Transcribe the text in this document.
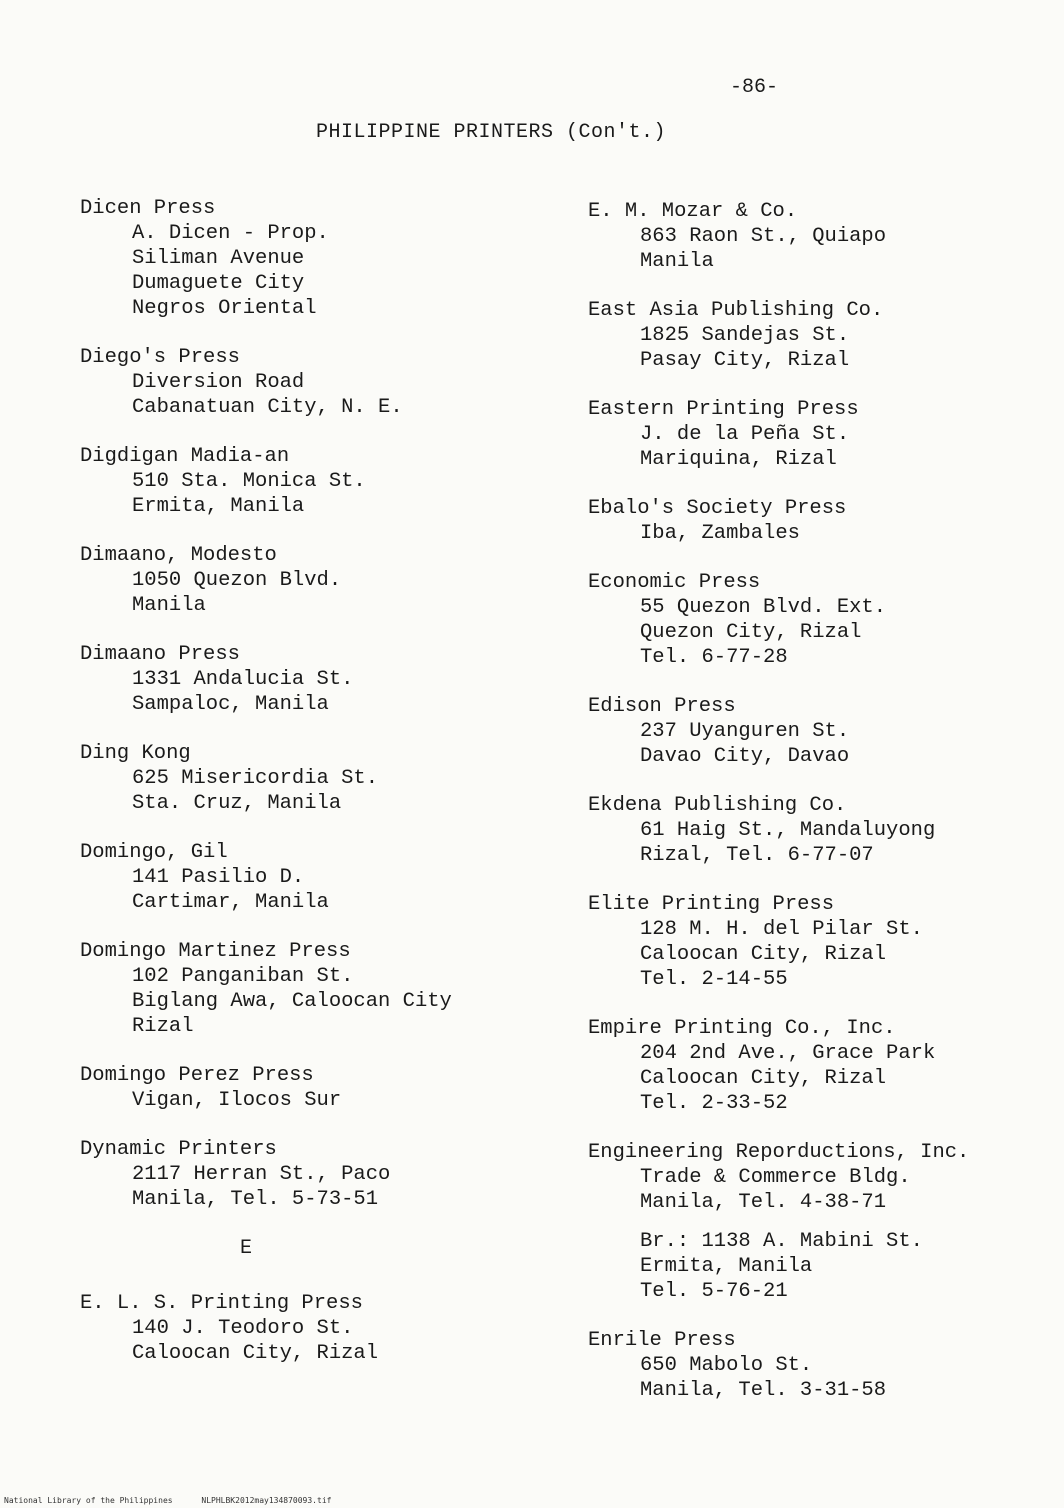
-86-
PHILIPPINE PRINTERS (Con't.)
Dicen Press
A. Dicen - Prop.
Siliman Avenue
Dumaguete City
Negros Oriental
Diego's Press
Diversion Road
Cabanatuan City, N. E.
Digdigan Madia-an
510 Sta. Monica St.
Ermita, Manila
Dimaano, Modesto
1050 Quezon Blvd.
Manila
Dimaano Press
1331 Andalucia St.
Sampaloc, Manila
Ding Kong
625 Misericordia St.
Sta. Cruz, Manila
Domingo, Gil
141 Pasilio D.
Cartimar, Manila
Domingo Martinez Press
102 Panganiban St.
Biglang Awa, Caloocan City
Rizal
Domingo Perez Press
Vigan, Ilocos Sur
Dynamic Printers
2117 Herran St., Paco
Manila, Tel. 5-73-51
E
E. L. S. Printing Press
140 J. Teodoro St.
Caloocan City, Rizal
E. M. Mozar & Co.
863 Raon St., Quiapo
Manila
East Asia Publishing Co.
1825 Sandejas St.
Pasay City, Rizal
Eastern Printing Press
J. de la Peña St.
Mariquina, Rizal
Ebalo's Society Press
Iba, Zambales
Economic Press
55 Quezon Blvd. Ext.
Quezon City, Rizal
Tel. 6-77-28
Edison Press
237 Uyanguren St.
Davao City, Davao
Ekdena Publishing Co.
61 Haig St., Mandaluyong
Rizal, Tel. 6-77-07
Elite Printing Press
128 M. H. del Pilar St.
Caloocan City, Rizal
Tel. 2-14-55
Empire Printing Co., Inc.
204 2nd Ave., Grace Park
Caloocan City, Rizal
Tel. 2-33-52
Engineering Reporductions, Inc.
Trade & Commerce Bldg.
Manila, Tel. 4-38-71
Br.: 1138 A. Mabini St.
Ermita, Manila
Tel. 5-76-21
Enrile Press
650 Mabolo St.
Manila, Tel. 3-31-58
National Library of the Philippines	NLPHLBK2012may134870093.tif
